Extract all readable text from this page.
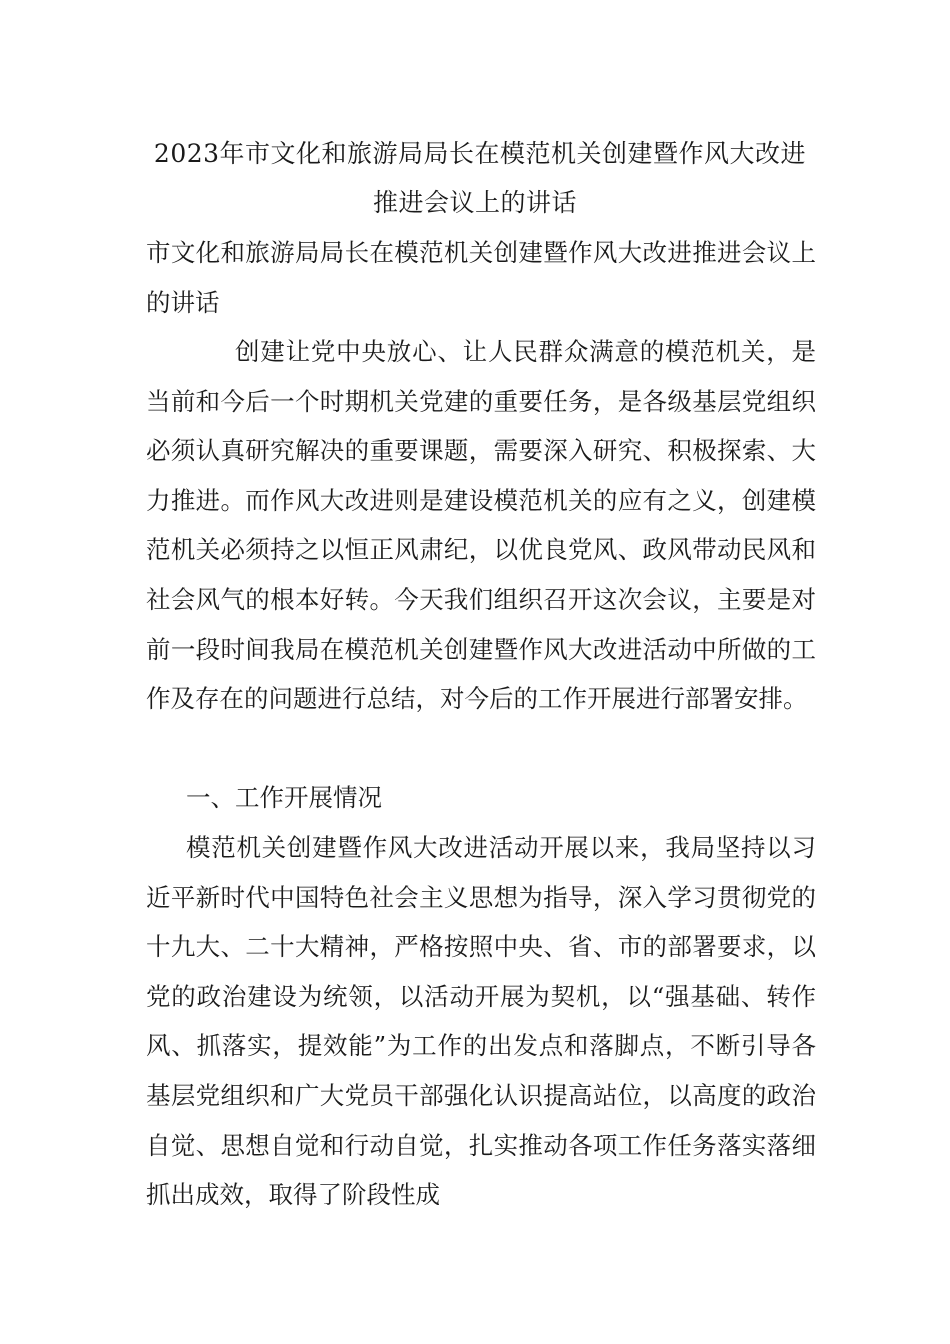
2023年市文化和旅游局局长在模范机关创建暨作风大改进
推进会议上的讲话

市文化和旅游局局长在模范机关创建暨作风大改进推进会议上的讲话

创建让党中央放心、让人民群众满意的模范机关，是当前和今后一个时期机关党建的重要任务，是各级基层党组织必须认真研究解决的重要课题，需要深入研究、积极探索、大力推进。而作风大改进则是建设模范机关的应有之义，创建模范机关必须持之以恒正风肃纪，以优良党风、政风带动民风和社会风气的根本好转。今天我们组织召开这次会议，主要是对前一段时间我局在模范机关创建暨作风大改进活动中所做的工作及存在的问题进行总结，对今后的工作开展进行部署安排。

一、工作开展情况

模范机关创建暨作风大改进活动开展以来，我局坚持以习近平新时代中国特色社会主义思想为指导，深入学习贯彻党的十九大、二十大精神，严格按照中央、省、市的部署要求，以党的政治建设为统领，以活动开展为契机，以“强基础、转作风、抓落实，提效能”为工作的出发点和落脚点，不断引导各基层党组织和广大党员干部强化认识提高站位，以高度的政治自觉、思想自觉和行动自觉，扎实推动各项工作任务落实落细抓出成效，取得了阶段性成
